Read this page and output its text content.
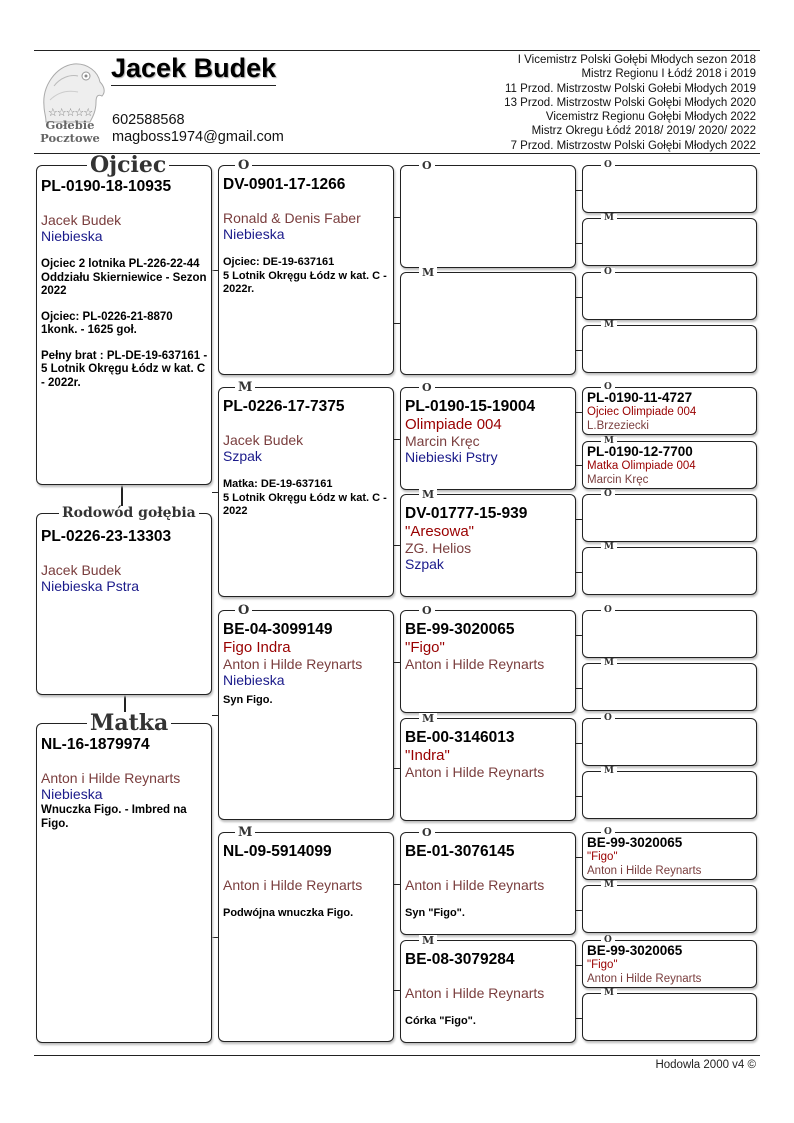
☆☆☆☆☆
Gołebie
Pocztowe
Jacek Budek
602588568
magboss1974@gmail.com
I Vicemistrz Polski Gołębi Młodych sezon 2018
Mistrz Regionu I Łódź 2018 i 2019
11 Przod. Mistrzostw Polski Gołebi Młodych 2019
13 Przod. Mistrzostw Polski Gołębi Młodych 2020
Vicemistrz Regionu Gołębi Młodych 2022
Mistrz Okregu Łódź 2018/ 2019/ 2020/ 2022
7 Przod. Mistrzostw Polski Gołębi Młodych 2022
Ojciec
PL-0190-18-10935
Jacek Budek
Niebieska

Ojciec 2 lotnika PL-226-22-44 Oddziału Skierniewice - Sezon 2022

Ojciec: PL-0226-21-8870 1konk. - 1625 goł.

Pełny brat : PL-DE-19-637161 - 5 Lotnik Okręgu Łódz w kat. C - 2022r.

Rodowód gołębia
PL-0226-23-13303
Jacek Budek
Niebieska Pstra
Matka
NL-16-1879974
Anton i Hilde Reynarts
Niebieska
Wnuczka Figo. - Imbred na Figo.
O
DV-0901-17-1266
Ronald & Denis Faber
Niebieska
Ojciec: DE-19-637161
5 Lotnik Okręgu Łódz w kat. C - 2022r.
M
PL-0226-17-7375
Jacek Budek
Szpak
Matka: DE-19-637161
5 Lotnik Okręgu Łódz w kat. C - 2022
O
BE-04-3099149
Figo Indra
Anton i Hilde Reynarts
Niebieska
Syn Figo.
M
NL-09-5914099
Anton i Hilde Reynarts
Podwójna wnuczka Figo.
O
M
O
PL-0190-15-19004
Olimpiade 004
Marcin Kręc
Niebieski Pstry
M
DV-01777-15-939
"Aresowa"
ZG. Helios
Szpak
O
BE-99-3020065
"Figo"
Anton i Hilde Reynarts
M
BE-00-3146013
"Indra"
Anton i Hilde Reynarts
O
BE-01-3076145
Anton i Hilde Reynarts
Syn "Figo".
M
BE-08-3079284
Anton i Hilde Reynarts
Córka "Figo".
O
M
O
M
O
PL-0190-11-4727
Ojciec Olimpiade 004
L.Brzeziecki
M
PL-0190-12-7700
Matka Olimpiade 004
Marcin Kręc
O
M
O
M
O
M
O
BE-99-3020065
"Figo"
Anton i Hilde Reynarts
M
O
BE-99-3020065
"Figo"
Anton i Hilde Reynarts
M
Hodowla 2000 v4 ©
